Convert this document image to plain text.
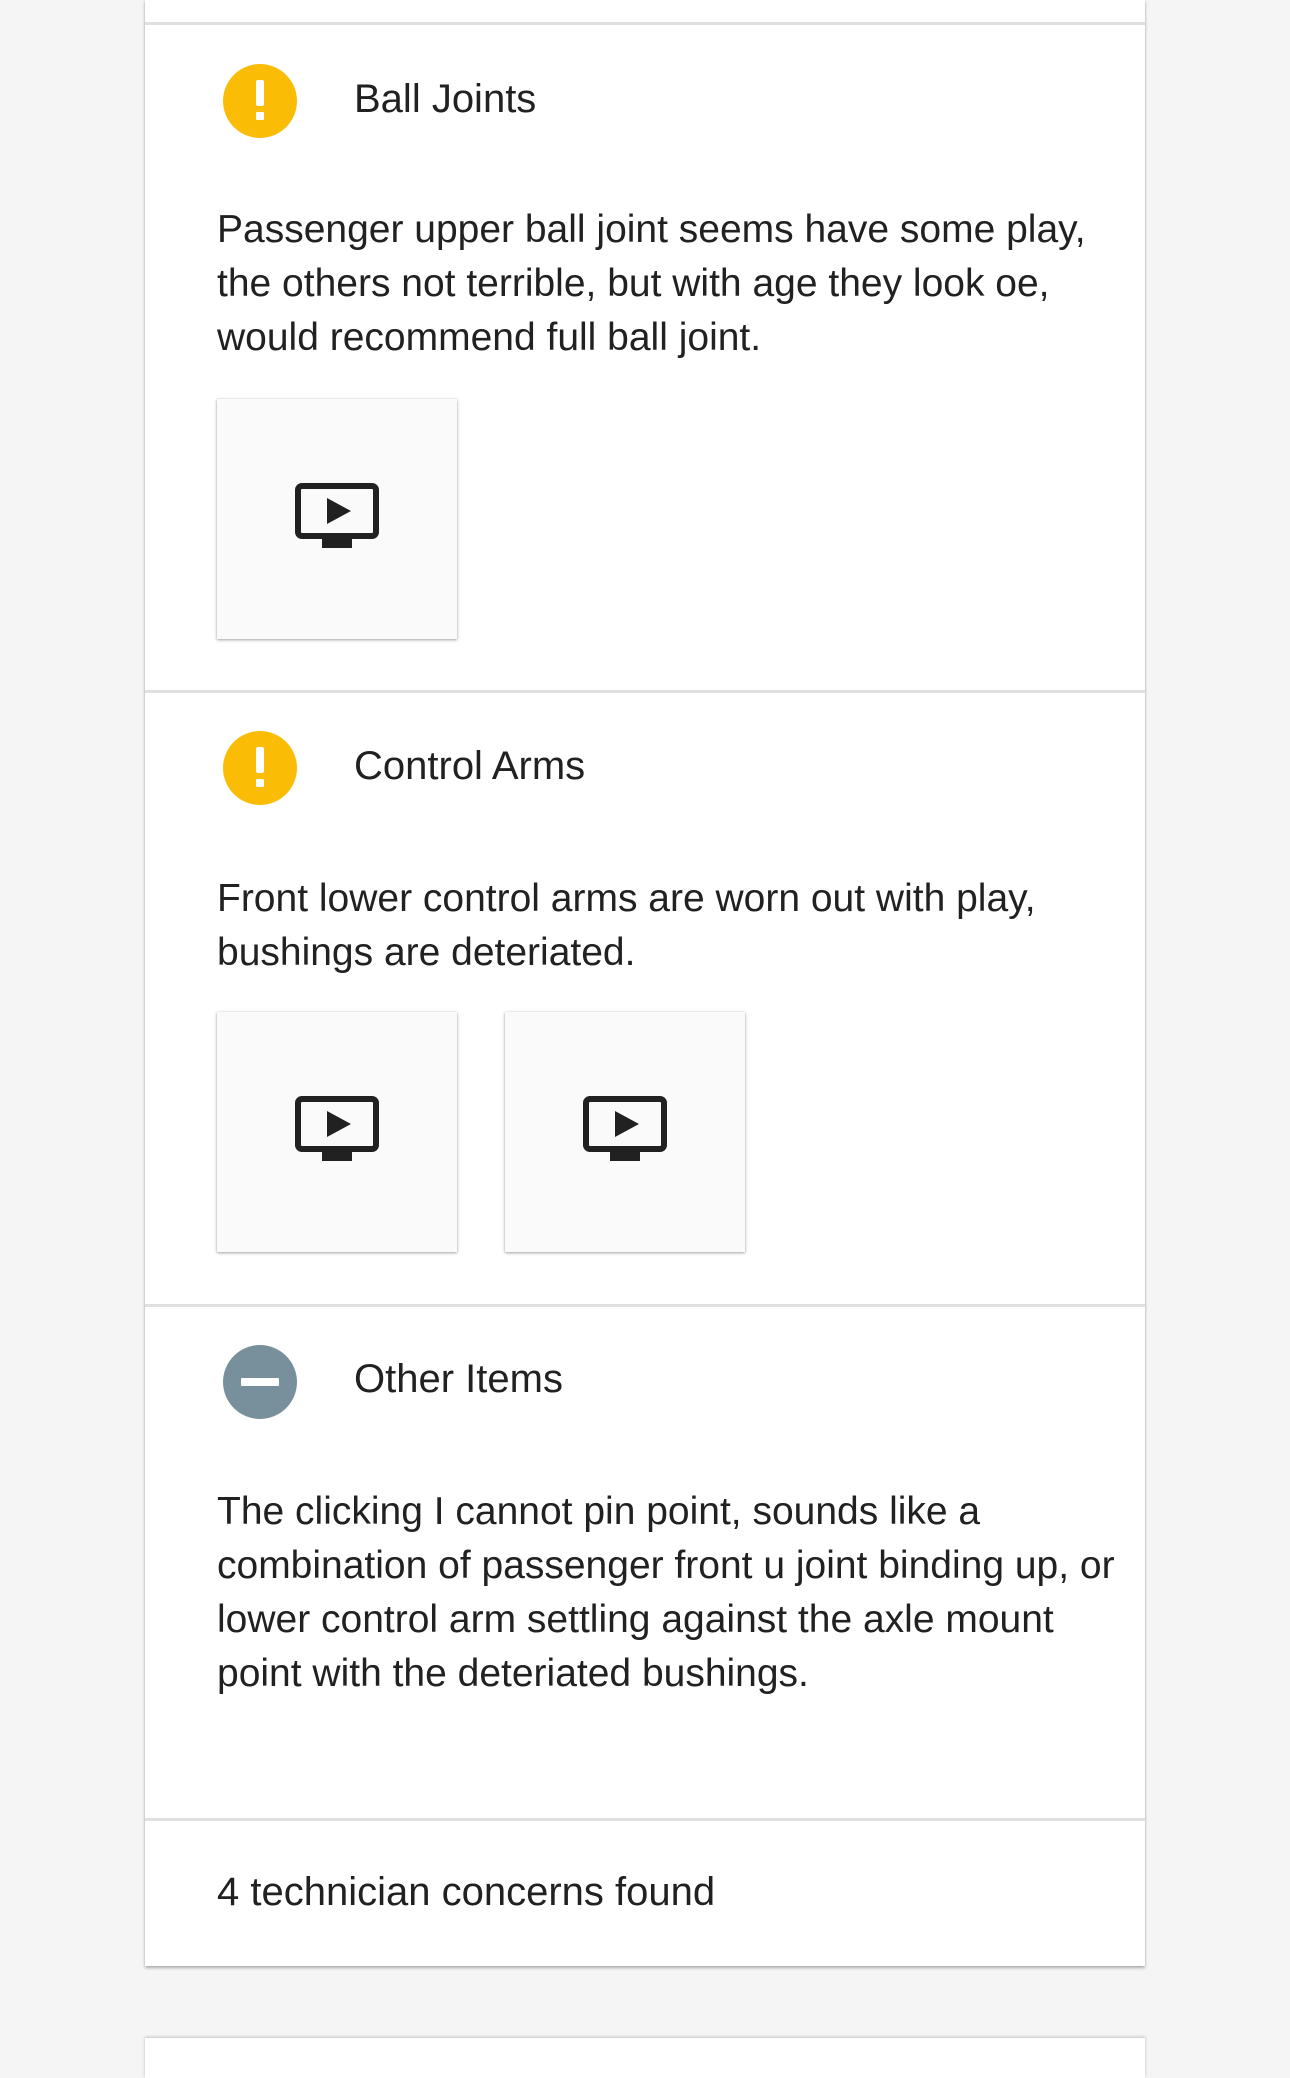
Ball Joints
Passenger upper ball joint seems have some play, the others not terrible, but with age they look oe, would recommend full ball joint.
Control Arms
Front lower control arms are worn out with play, bushings are deteriated.
Other Items
The clicking I cannot pin point, sounds like a combination of passenger front u joint binding up, or lower control arm settling against the axle mount point with the deteriated bushings.
4 technician concerns found
